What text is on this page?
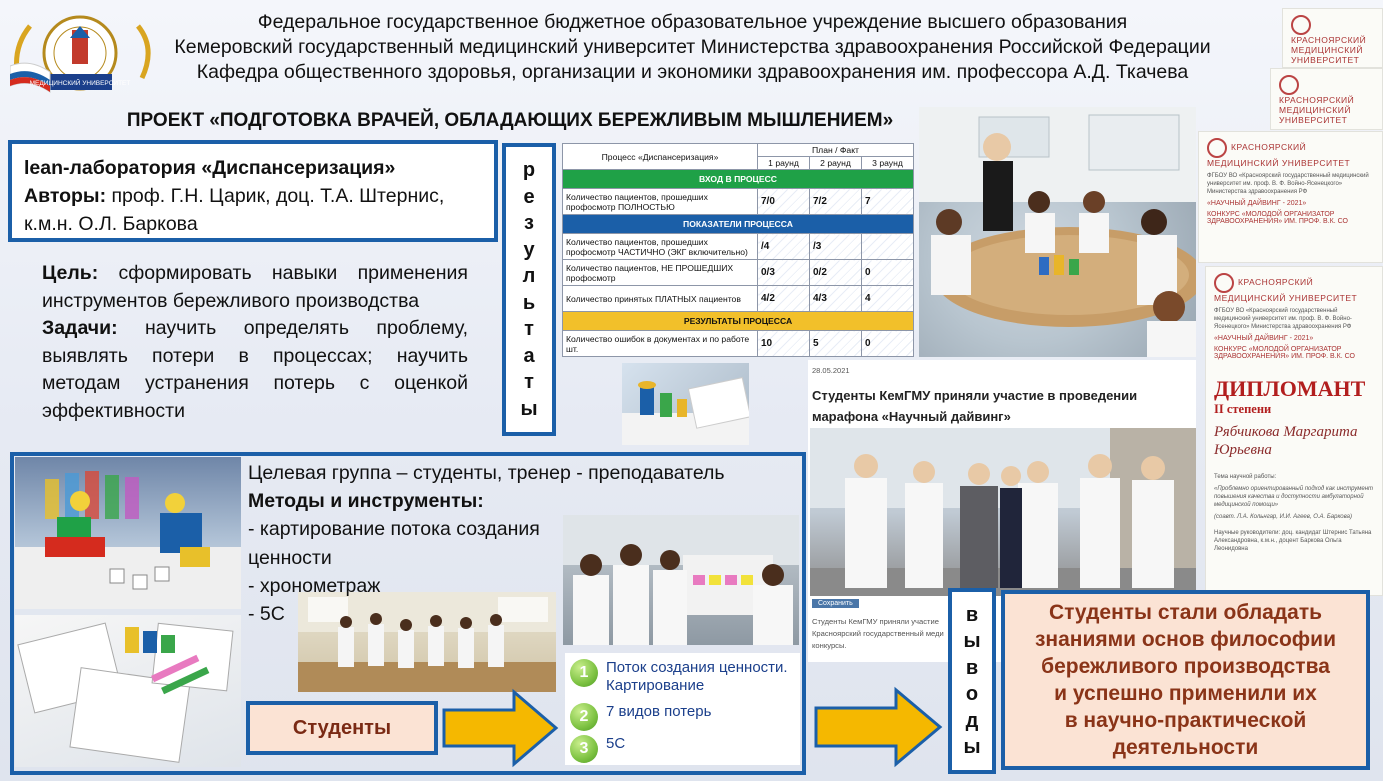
МЕДИЦИНСКИЙ УНИВЕРСИТЕТ
Федеральное государственное бюджетное образовательное учреждение высшего образования
Кемеровский государственный медицинский университет Министерства здравоохранения Российской Федерации
Кафедра общественного здоровья, организации и экономики здравоохранения им. профессора А.Д. Ткачева
ПРОЕКТ «ПОДГОТОВКА ВРАЧЕЙ, ОБЛАДАЮЩИХ БЕРЕЖЛИВЫМ МЫШЛЕНИЕМ»
lean-лаборатория «Диспансеризация»
Авторы: проф. Г.Н. Царик, доц. Т.А. Штернис, к.м.н. О.Л. Баркова
Цель: сформировать навыки применения инструментов бережливого производства
Задачи: научить определять проблему, выявлять потери в процессах; научить методам устранения потерь с оценкой эффективности
р
е
з
у
л
ь
т
а
т
ы
Процесс «Диспансеризация»	План / Факт		
	1 раунд	2 раунд	3 раунд
ВХОД В ПРОЦЕСС			
Количество пациентов, прошедших профосмотр ПОЛНОСТЬЮ	7/0	7/2	7
ПОКАЗАТЕЛИ ПРОЦЕССА			
Количество пациентов, прошедших профосмотр ЧАСТИЧНО (ЭКГ включительно)	/4	/3	
Количество пациентов, НЕ ПРОШЕДШИХ профосмотр	0/3	0/2	0
Количество принятых ПЛАТНЫХ пациентов	4/2	4/3	4
РЕЗУЛЬТАТЫ ПРОЦЕССА			
Количество ошибок в документах и по работе шт.	10	5	0
28.05.2021
Студенты КемГМУ приняли участие в проведении марафона «Научный дайвинг»
Сохранить
Студенты КемГМУ приняли участие Красноярский государственный меди конкурсы.
КРАСНОЯРСКИЙ МЕДИЦИНСКИЙ УНИВЕРСИТЕТ
КРАСНОЯРСКИЙ МЕДИЦИНСКИЙ УНИВЕРСИТЕТ
КРАСНОЯРСКИЙ МЕДИЦИНСКИЙ УНИВЕРСИТЕТ
ФГБОУ ВО «Красноярский государственный медицинский университет им. проф. В. Ф. Войно-Ясенецкого» Министерства здравоохранения РФ
«НАУЧНЫЙ ДАЙВИНГ - 2021»
КОНКУРС «МОЛОДОЙ ОРГАНИЗАТОР ЗДРАВООХРАНЕНИЯ» ИМ. ПРОФ. В.К. СО
КРАСНОЯРСКИЙ МЕДИЦИНСКИЙ УНИВЕРСИТЕТ
ФГБОУ ВО «Красноярский государственный медицинский университет им. проф. В. Ф. Войно-Ясенецкого» Министерства здравоохранения РФ
«НАУЧНЫЙ ДАЙВИНГ - 2021»
КОНКУРС «МОЛОДОЙ ОРГАНИЗАТОР ЗДРАВООХРАНЕНИЯ» ИМ. ПРОФ. В.К. СО
ДИПЛОМАНТ
II степени
Рябчикова Маргарита Юрьевна
Тема научной работы:
«Проблемно ориентированный подход как инструмент повышения качества и доступности амбулаторной медицинской помощи»
(соавт. Л.А. Кольнгар, И.И. Агеев, О.А. Баркова)
Научные руководители: доц. кандидат Штернис Татьяна Александровна, к.м.н., доцент Баркова Ольга Леонидовна
Целевая группа – студенты, тренер - преподаватель
Методы и инструменты:
- картирование потока создания ценности
- хронометраж
- 5С
Студенты
1	Поток создания ценности. Картирование
2	7 видов потерь
3	5С
в
ы
в
о
д
ы
Студенты стали обладать
знаниями основ философии
бережливого производства
и успешно применили их
в научно-практической
деятельности
